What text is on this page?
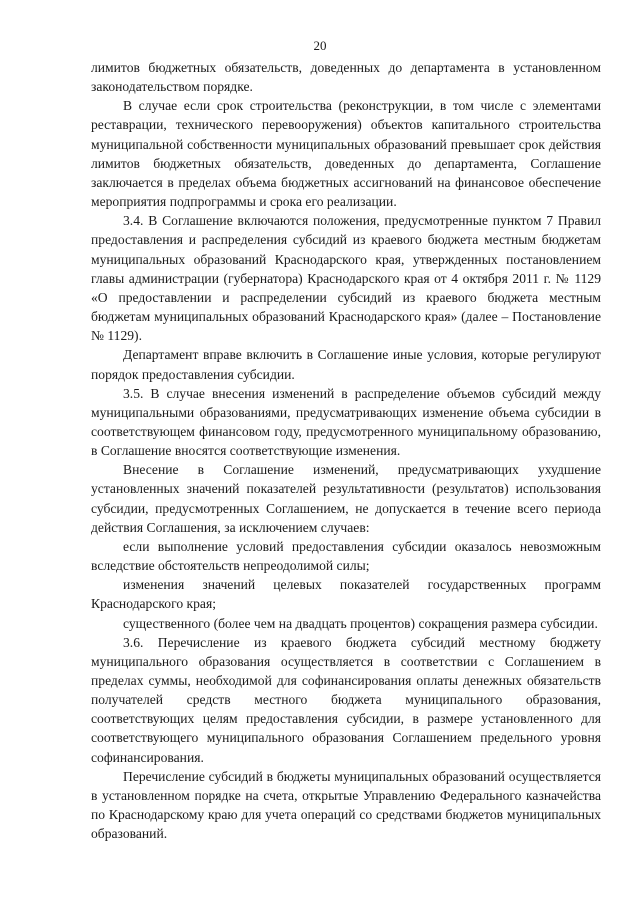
20

лимитов бюджетных обязательств, доведенных до департамента в установленном законодательством порядке.

В случае если срок строительства (реконструкции, в том числе с элементами реставрации, технического перевооружения) объектов капитального строительства муниципальной собственности муниципальных образований превышает срок действия лимитов бюджетных обязательств, доведенных до департамента, Соглашение заключается в пределах объема бюджетных ассигнований на финансовое обеспечение мероприятия подпрограммы и срока его реализации.

3.4. В Соглашение включаются положения, предусмотренные пунктом 7 Правил предоставления и распределения субсидий из краевого бюджета местным бюджетам муниципальных образований Краснодарского края, утвержденных постановлением главы администрации (губернатора) Краснодарского края от 4 октября 2011 г. № 1129 «О предоставлении и распределении субсидий из краевого бюджета местным бюджетам муниципальных образований Краснодарского края» (далее – Постановление № 1129).

Департамент вправе включить в Соглашение иные условия, которые регулируют порядок предоставления субсидии.

3.5. В случае внесения изменений в распределение объемов субсидий между муниципальными образованиями, предусматривающих изменение объема субсидии в соответствующем финансовом году, предусмотренного муниципальному образованию, в Соглашение вносятся соответствующие изменения.

Внесение в Соглашение изменений, предусматривающих ухудшение установленных значений показателей результативности (результатов) использования субсидии, предусмотренных Соглашением, не допускается в течение всего периода действия Соглашения, за исключением случаев:

если выполнение условий предоставления субсидии оказалось невозможным вследствие обстоятельств непреодолимой силы;

изменения значений целевых показателей государственных программ Краснодарского края;

существенного (более чем на двадцать процентов) сокращения размера субсидии.

3.6. Перечисление из краевого бюджета субсидий местному бюджету муниципального образования осуществляется в соответствии с Соглашением в пределах суммы, необходимой для софинансирования оплаты денежных обязательств получателей средств местного бюджета муниципального образования, соответствующих целям предоставления субсидии, в размере установленного для соответствующего муниципального образования Соглашением предельного уровня софинансирования.

Перечисление субсидий в бюджеты муниципальных образований осуществляется в установленном порядке на счета, открытые Управлению Федерального казначейства по Краснодарскому краю для учета операций со средствами бюджетов муниципальных образований.
